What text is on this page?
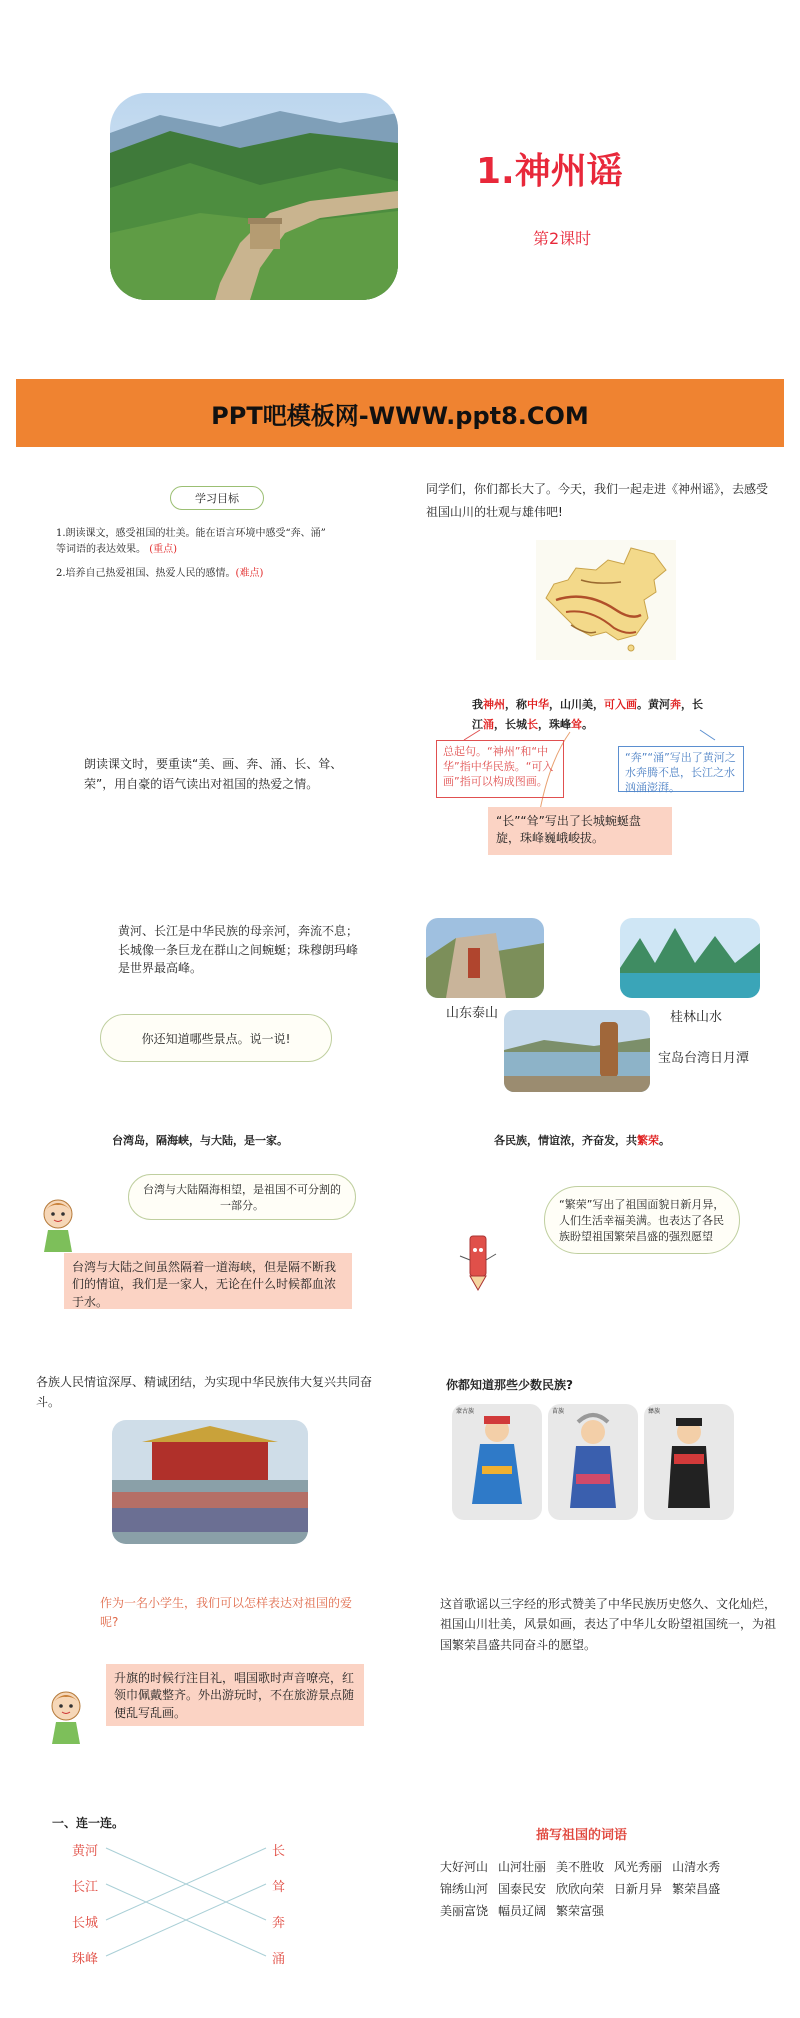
1.神州谣
第2课时
PPT吧模板网-WWW.ppt8.COM
学习目标
1.朗读课文，感受祖国的壮美。能在语言环境中感受“奔、涌”
等词语的表达效果。 (重点)
2.培养自己热爱祖国、热爱人民的感情。(难点)
同学们，你们都长大了。今天，我们一起走进《神州谣》，去感受祖国山川的壮观与雄伟吧!
朗读课文时，要重读“美、画、奔、涌、长、耸、荣”，用自豪的语气读出对祖国的热爱之情。
我神州，称中华，山川美，可入画。黄河奔，长
江涌，长城长，珠峰耸。
总起句。“神州”和“中华”指中华民族。“可入画”指可以构成图画。
“奔”“涌”写出了黄河之水奔腾不息，长江之水汹涌澎湃。
“长”“耸”写出了长城蜿蜒盘旋，珠峰巍峨峻拔。
黄河、长江是中华民族的母亲河，奔流不息；长城像一条巨龙在群山之间蜿蜒；珠穆朗玛峰是世界最高峰。
你还知道哪些景点。说一说!
山东泰山	桂林山水
宝岛台湾日月潭
台湾岛，隔海峡，与大陆，是一家。
台湾与大陆隔海相望，是祖国不可分割的一部分。
台湾与大陆之间虽然隔着一道海峡，但是隔不断我们的情谊，我们是一家人，无论在什么时候都血浓于水。
各民族，情谊浓，齐奋发，共繁荣。
“繁荣”写出了祖国面貌日新月异，人们生活幸福美满。也表达了各民族盼望祖国繁荣昌盛的强烈愿望
各族人民情谊深厚、精诚团结，为实现中华民族伟大复兴共同奋斗。
你都知道那些少数民族?
蒙古族	苗族	彝族
作为一名小学生，我们可以怎样表达对祖国的爱呢?
升旗的时候行注目礼，唱国歌时声音嘹亮，红领巾佩戴整齐。外出游玩时，不在旅游景点随便乱写乱画。
这首歌谣以三字经的形式赞美了中华民族历史悠久、文化灿烂，祖国山川壮美，风景如画，表达了中华儿女盼望祖国统一，为祖国繁荣昌盛共同奋斗的愿望。
一、连一连。
黄河
长江
长城
珠峰
长
耸
奔
涌
描写祖国的词语
大好河山 山河壮丽 美不胜收 风光秀丽 山清水秀
锦绣山河 国泰民安 欣欣向荣 日新月异 繁荣昌盛
美丽富饶 幅员辽阔 繁荣富强
